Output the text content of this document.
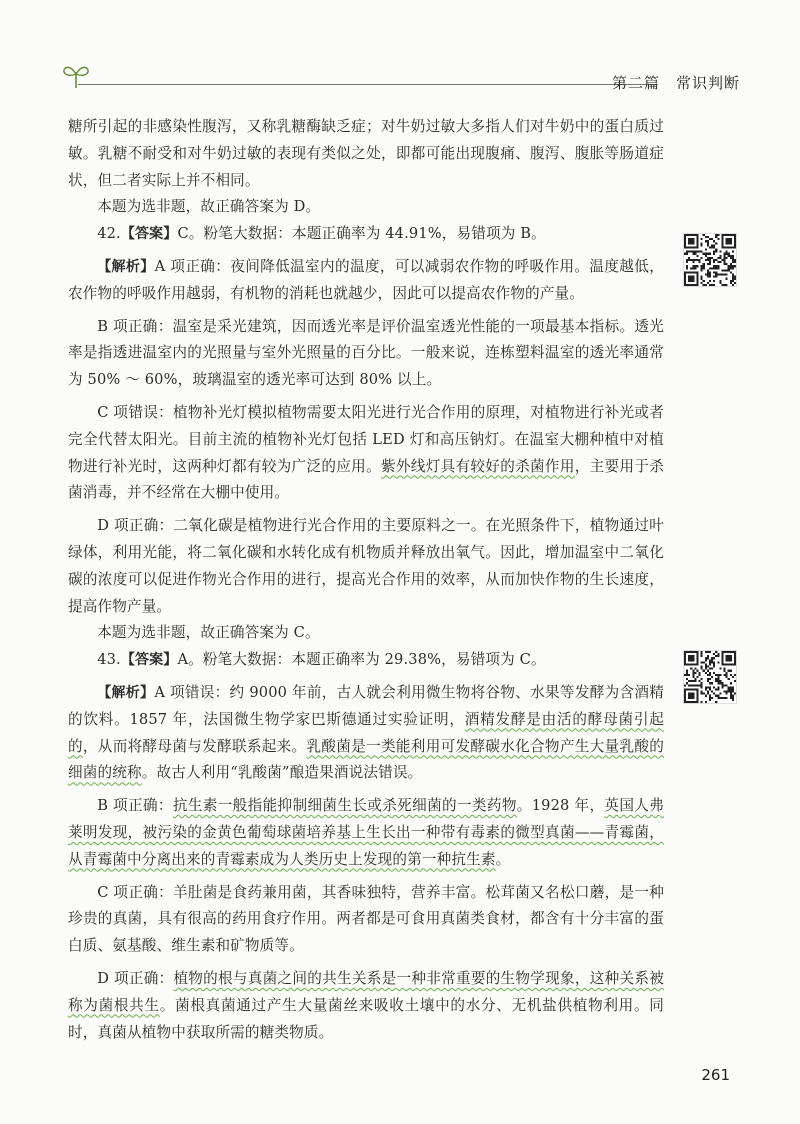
第二篇　常识判断

糖所引起的非感染性腹泻，又称乳糖酶缺乏症；对牛奶过敏大多指人们对牛奶中的蛋白质过敏。乳糖不耐受和对牛奶过敏的表现有类似之处，即都可能出现腹痛、腹泻、腹胀等肠道症状，但二者实际上并不相同。

本题为选非题，故正确答案为 D。

42.【答案】C。粉笔大数据：本题正确率为 44.91%，易错项为 B。

【解析】A 项正确：夜间降低温室内的温度，可以减弱农作物的呼吸作用。温度越低，农作物的呼吸作用越弱，有机物的消耗也就越少，因此可以提高农作物的产量。

B 项正确：温室是采光建筑，因而透光率是评价温室透光性能的一项最基本指标。透光率是指透进温室内的光照量与室外光照量的百分比。一般来说，连栋塑料温室的透光率通常为 50% ～ 60%，玻璃温室的透光率可达到 80% 以上。

C 项错误：植物补光灯模拟植物需要太阳光进行光合作用的原理，对植物进行补光或者完全代替太阳光。目前主流的植物补光灯包括 LED 灯和高压钠灯。在温室大棚种植中对植物进行补光时，这两种灯都有较为广泛的应用。紫外线灯具有较好的杀菌作用，主要用于杀菌消毒，并不经常在大棚中使用。

D 项正确：二氧化碳是植物进行光合作用的主要原料之一。在光照条件下，植物通过叶绿体，利用光能，将二氧化碳和水转化成有机物质并释放出氧气。因此，增加温室中二氧化碳的浓度可以促进作物光合作用的进行，提高光合作用的效率，从而加快作物的生长速度，提高作物产量。

本题为选非题，故正确答案为 C。

43.【答案】A。粉笔大数据：本题正确率为 29.38%，易错项为 C。

【解析】A 项错误：约 9000 年前，古人就会利用微生物将谷物、水果等发酵为含酒精的饮料。1857 年，法国微生物学家巴斯德通过实验证明，酒精发酵是由活的酵母菌引起的，从而将酵母菌与发酵联系起来。乳酸菌是一类能利用可发酵碳水化合物产生大量乳酸的细菌的统称。故古人利用“乳酸菌”酿造果酒说法错误。

B 项正确：抗生素一般指能抑制细菌生长或杀死细菌的一类药物。1928 年，英国人弗莱明发现，被污染的金黄色葡萄球菌培养基上生长出一种带有毒素的微型真菌——青霉菌，从青霉菌中分离出来的青霉素成为人类历史上发现的第一种抗生素。

C 项正确：羊肚菌是食药兼用菌，其香味独特，营养丰富。松茸菌又名松口蘑，是一种珍贵的真菌，具有很高的药用食疗作用。两者都是可食用真菌类食材，都含有十分丰富的蛋白质、氨基酸、维生素和矿物质等。

D 项正确：植物的根与真菌之间的共生关系是一种非常重要的生物学现象，这种关系被称为菌根共生。菌根真菌通过产生大量菌丝来吸收土壤中的水分、无机盐供植物利用。同时，真菌从植物中获取所需的糖类物质。

261
